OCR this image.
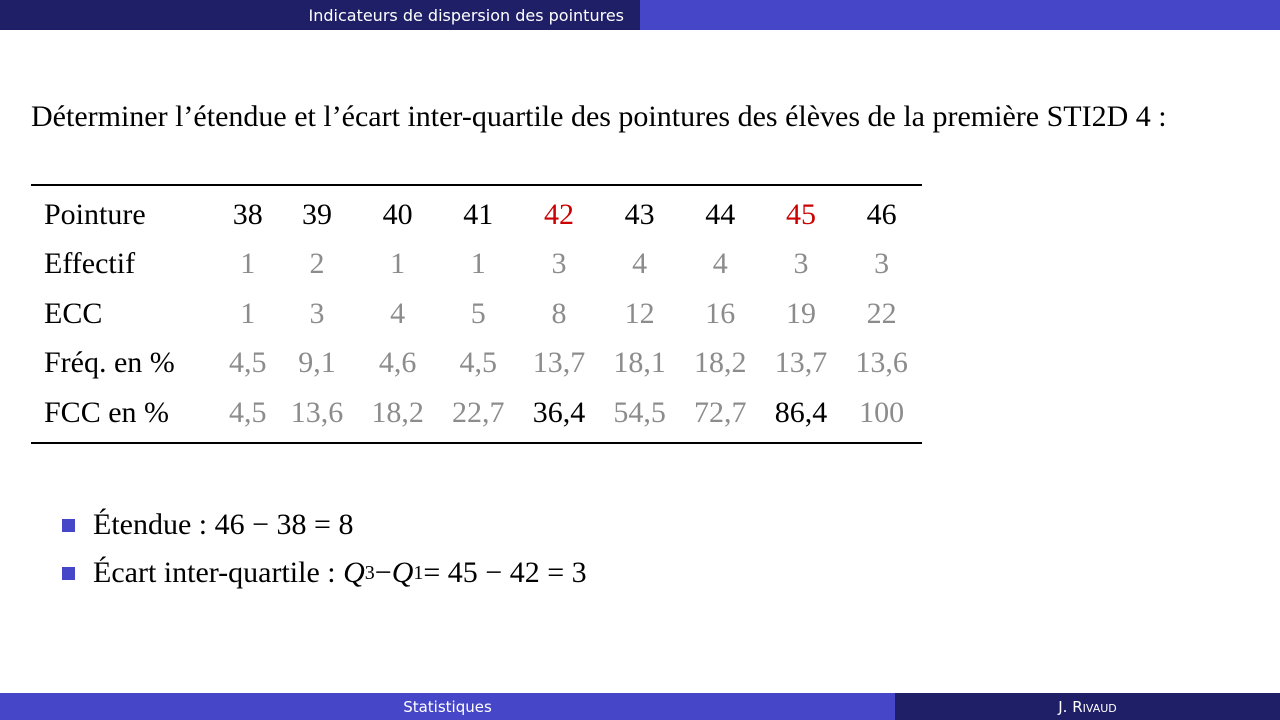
Indicateurs de dispersion des pointures
Déterminer l’étendue et l’écart inter-quartile des pointures des élèves de la première STI2D 4 :
Pointure	38	39	40	41	42	43	44	45	46
Effectif	1	2	1	1	3	4	4	3	3
ECC	1	3	4	5	8	12	16	19	22
Fréq. en %	4,5	9,1	4,6	4,5	13,7	18,1	18,2	13,7	13,6
FCC en %	4,5	13,6	18,2	22,7	36,4	54,5	72,7	86,4	100
Étendue :
46 − 38 = 8
Écart inter-quartile :
Q 3 − Q 1 = 45 − 42 = 3
Statistiques	J. Rivaud
